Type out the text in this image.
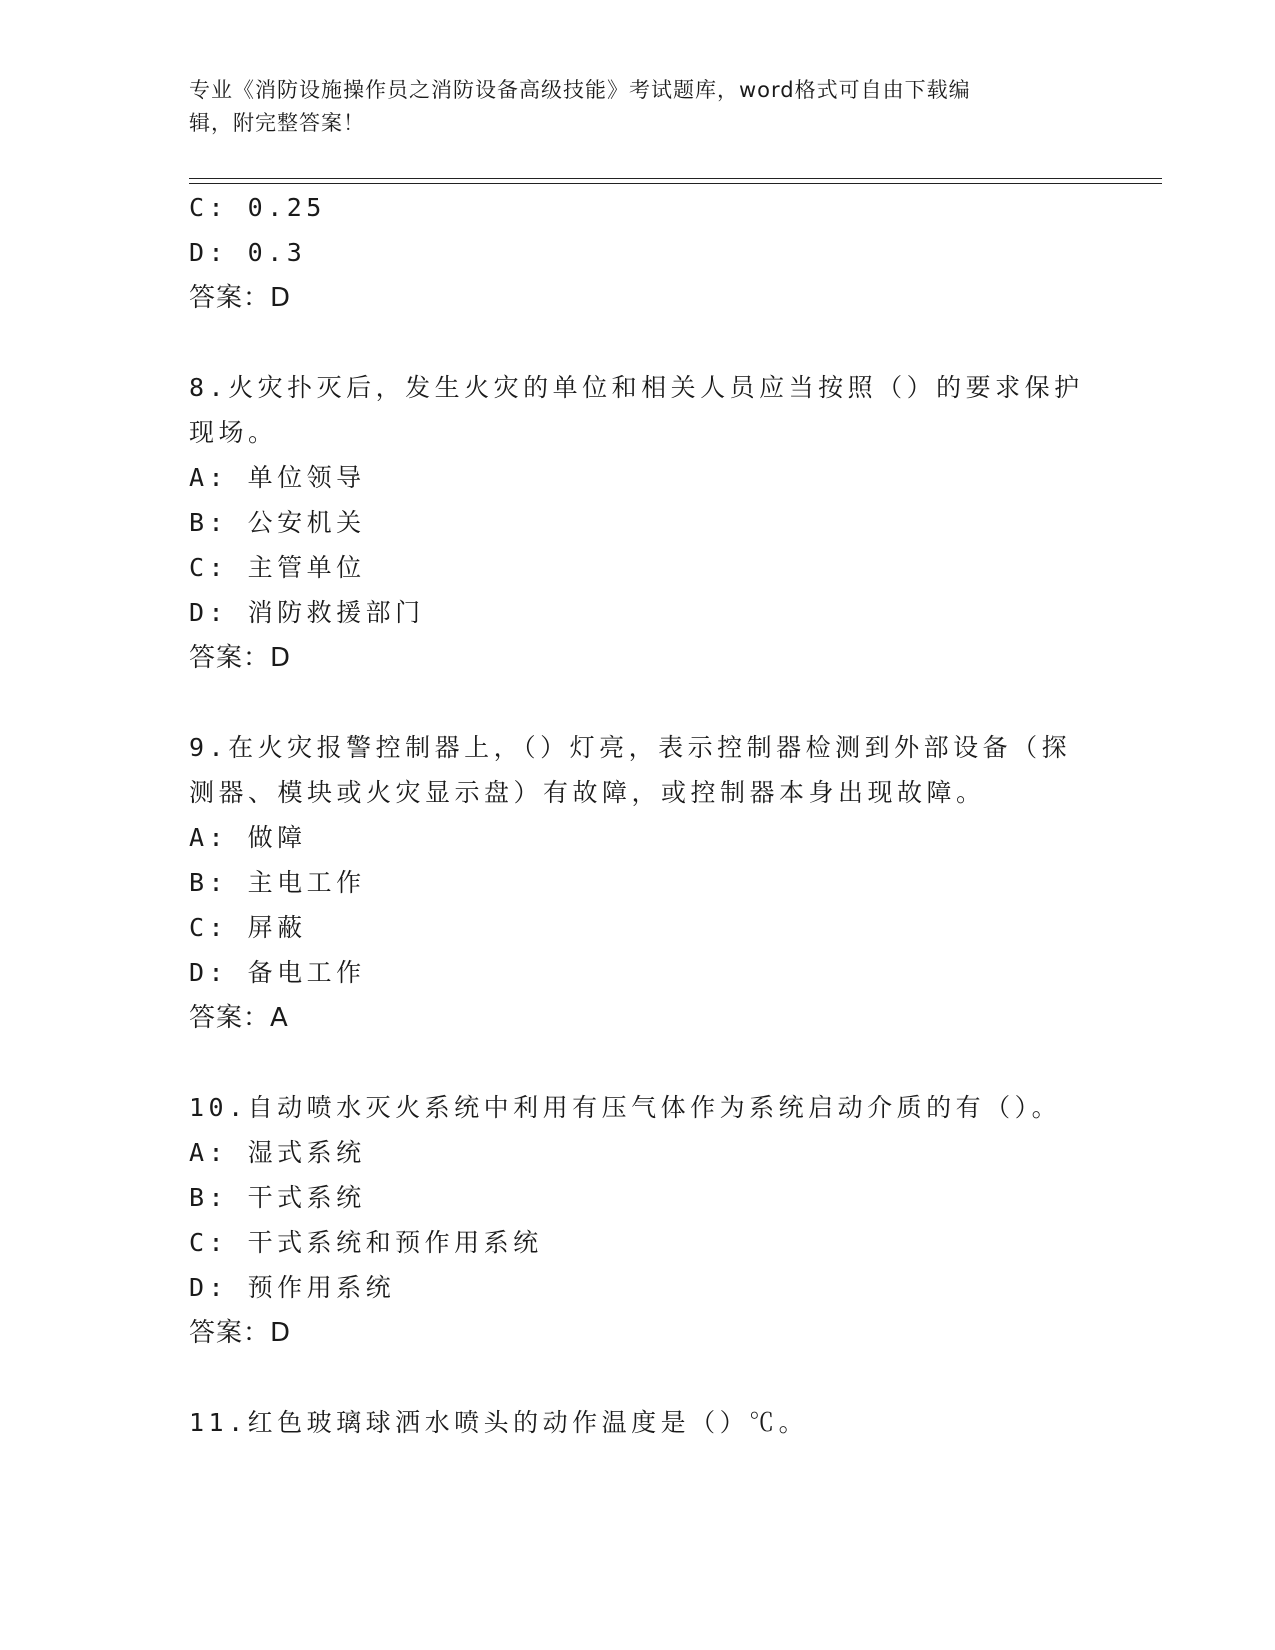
专业《消防设施操作员之消防设备高级技能》考试题库，word格式可自由下载编
辑，附完整答案！
C: 0.25
D: 0.3
答案：D
8.火灾扑灭后，发生火灾的单位和相关人员应当按照（）的要求保护
现场。
A: 单位领导
B: 公安机关
C: 主管单位
D: 消防救援部门
答案：D
9.在火灾报警控制器上，（）灯亮，表示控制器检测到外部设备（探
测器、模块或火灾显示盘）有故障，或控制器本身出现故障。
A: 做障
B: 主电工作
C: 屏蔽
D: 备电工作
答案：A
10.自动喷水灭火系统中利用有压气体作为系统启动介质的有（）。
A: 湿式系统
B: 干式系统
C: 干式系统和预作用系统
D: 预作用系统
答案：D
11.红色玻璃球洒水喷头的动作温度是（）℃。
